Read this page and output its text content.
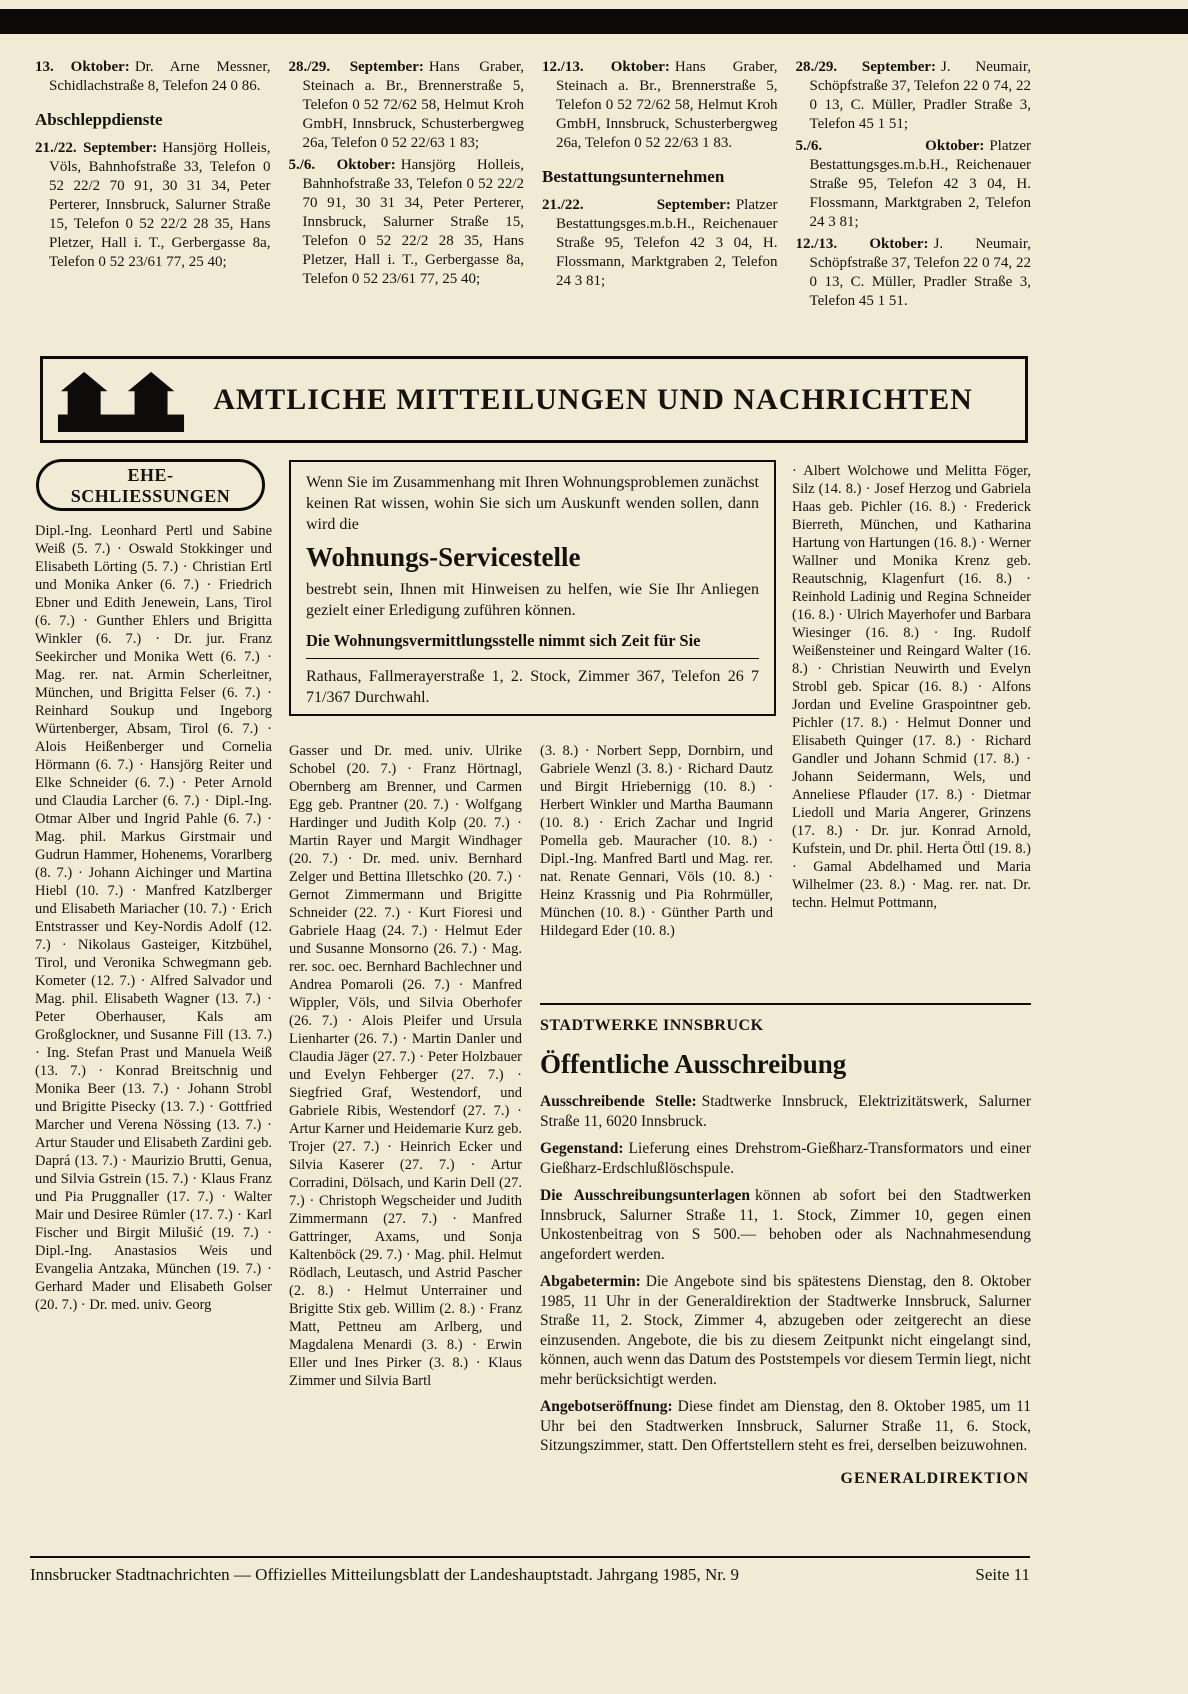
13. Oktober: Dr. Arne Messner, Schidlachstraße 8, Telefon 24 0 86.

Abschleppdienste

21./22. September: Hansjörg Holleis, Völs, Bahnhofstraße 33, Telefon 0 52 22/2 70 91, 30 31 34, Peter Perterer, Innsbruck, Salurner Straße 15, Telefon 0 52 22/2 28 35, Hans Pletzer, Hall i. T., Gerbergasse 8a, Telefon 0 52 23/61 77, 25 40;

28./29. September: Hans Graber, Steinach a. Br., Brennerstraße 5, Telefon 0 52 72/62 58, Helmut Kroh GmbH, Innsbruck, Schusterbergweg 26a, Telefon 0 52 22/63 1 83;

5./6. Oktober: Hansjörg Holleis, Bahnhofstraße 33, Telefon 0 52 22/2 70 91, 30 31 34, Peter Perterer, Innsbruck, Salurner Straße 15, Telefon 0 52 22/2 28 35, Hans Pletzer, Hall i. T., Gerbergasse 8a, Telefon 0 52 23/61 77, 25 40;

12./13. Oktober: Hans Graber, Steinach a. Br., Brennerstraße 5, Telefon 0 52 72/62 58, Helmut Kroh GmbH, Innsbruck, Schusterbergweg 26a, Telefon 0 52 22/63 1 83.

Bestattungsunternehmen

21./22. September: Platzer Bestattungsges.m.b.H., Reichenauer Straße 95, Telefon 42 3 04, H. Flossmann, Marktgraben 2, Telefon 24 3 81;

28./29. September: J. Neumair, Schöpfstraße 37, Telefon 22 0 74, 22 0 13, C. Müller, Pradler Straße 3, Telefon 45 1 51;

5./6. Oktober: Platzer Bestattungsges.m.b.H., Reichenauer Straße 95, Telefon 42 3 04, H. Flossmann, Marktgraben 2, Telefon 24 3 81;

12./13. Oktober: J. Neumair, Schöpfstraße 37, Telefon 22 0 74, 22 0 13, C. Müller, Pradler Straße 3, Telefon 45 1 51.

AMTLICHE MITTEILUNGEN UND NACHRICHTEN
EHE-
SCHLIESSUNGEN
Dipl.-Ing. Leonhard Pertl und Sabine Weiß (5. 7.) · Oswald Stokkinger und Elisabeth Lörting (5. 7.) · Christian Ertl und Monika Anker (6. 7.) · Friedrich Ebner und Edith Jenewein, Lans, Tirol (6. 7.) · Gunther Ehlers und Brigitta Winkler (6. 7.) · Dr. jur. Franz Seekircher und Monika Wett (6. 7.) · Mag. rer. nat. Armin Scherleitner, München, und Brigitta Felser (6. 7.) · Reinhard Soukup und Ingeborg Würtenberger, Absam, Tirol (6. 7.) · Alois Heißenberger und Cornelia Hörmann (6. 7.) · Hansjörg Reiter und Elke Schneider (6. 7.) · Peter Arnold und Claudia Larcher (6. 7.) · Dipl.-Ing. Otmar Alber und Ingrid Pahle (6. 7.) · Mag. phil. Markus Girstmair und Gudrun Hammer, Hohenems, Vorarlberg (8. 7.) · Johann Aichinger und Martina Hiebl (10. 7.) · Manfred Katzlberger und Elisabeth Mariacher (10. 7.) · Erich Entstrasser und Key-Nordis Adolf (12. 7.) · Nikolaus Gasteiger, Kitzbühel, Tirol, und Veronika Schwegmann geb. Kometer (12. 7.) · Alfred Salvador und Mag. phil. Elisabeth Wagner (13. 7.) · Peter Oberhauser, Kals am Großglockner, und Susanne Fill (13. 7.) · Ing. Stefan Prast und Manuela Weiß (13. 7.) · Konrad Breitschnig und Monika Beer (13. 7.) · Johann Strobl und Brigitte Pisecky (13. 7.) · Gottfried Marcher und Verena Nössing (13. 7.) · Artur Stauder und Elisabeth Zardini geb. Daprá (13. 7.) · Maurizio Brutti, Genua, und Silvia Gstrein (15. 7.) · Klaus Franz und Pia Pruggnaller (17. 7.) · Walter Mair und Desiree Rümler (17. 7.) · Karl Fischer und Birgit Milušić (19. 7.) · Dipl.-Ing. Anastasios Weis und Evangelia Antzaka, München (19. 7.) · Gerhard Mader und Elisabeth Golser (20. 7.) · Dr. med. univ. Georg

Wenn Sie im Zusammenhang mit Ihren Wohnungsproblemen zunächst keinen Rat wissen, wohin Sie sich um Auskunft wenden sollen, dann wird die

Wohnungs-Servicestelle

bestrebt sein, Ihnen mit Hinweisen zu helfen, wie Sie Ihr Anliegen gezielt einer Erledigung zuführen können.

Die Wohnungsvermittlungsstelle nimmt sich Zeit für Sie

Rathaus, Fallmerayerstraße 1, 2. Stock, Zimmer 367, Telefon 26 7 71/367 Durchwahl.

Gasser und Dr. med. univ. Ulrike Schobel (20. 7.) · Franz Hörtnagl, Obernberg am Brenner, und Carmen Egg geb. Prantner (20. 7.) · Wolfgang Hardinger und Judith Kolp (20. 7.) · Martin Rayer und Margit Windhager (20. 7.) · Dr. med. univ. Bernhard Zelger und Bettina Illetschko (20. 7.) · Gernot Zimmermann und Brigitte Schneider (22. 7.) · Kurt Fioresi und Gabriele Haag (24. 7.) · Helmut Eder und Susanne Monsorno (26. 7.) · Mag. rer. soc. oec. Bernhard Bachlechner und Andrea Pomaroli (26. 7.) · Manfred Wippler, Völs, und Silvia Oberhofer (26. 7.) · Alois Pleifer und Ursula Lienharter (26. 7.) · Martin Danler und Claudia Jäger (27. 7.) · Peter Holzbauer und Evelyn Fehberger (27. 7.) · Siegfried Graf, Westendorf, und Gabriele Ribis, Westendorf (27. 7.) · Artur Karner und Heidemarie Kurz geb. Trojer (27. 7.) · Heinrich Ecker und Silvia Kaserer (27. 7.) · Artur Corradini, Dölsach, und Karin Dell (27. 7.) · Christoph Wegscheider und Judith Zimmermann (27. 7.) · Manfred Gattringer, Axams, und Sonja Kaltenböck (29. 7.) · Mag. phil. Helmut Rödlach, Leutasch, und Astrid Pascher (2. 8.) · Helmut Unterrainer und Brigitte Stix geb. Willim (2. 8.) · Franz Matt, Pettneu am Arlberg, und Magdalena Menardi (3. 8.) · Erwin Eller und Ines Pirker (3. 8.) · Klaus Zimmer und Silvia Bartl
(3. 8.) · Norbert Sepp, Dornbirn, und Gabriele Wenzl (3. 8.) · Richard Dautz und Birgit Hriebernigg (10. 8.) · Herbert Winkler und Martha Baumann (10. 8.) · Erich Zachar und Ingrid Pomella geb. Mauracher (10. 8.) · Dipl.-Ing. Manfred Bartl und Mag. rer. nat. Renate Gennari, Völs (10. 8.) · Heinz Krassnig und Pia Rohrmüller, München (10. 8.) · Günther Parth und Hildegard Eder (10. 8.)
· Albert Wolchowe und Melitta Föger, Silz (14. 8.) · Josef Herzog und Gabriela Haas geb. Pichler (16. 8.) · Frederick Bierreth, München, und Katharina Hartung von Hartungen (16. 8.) · Werner Wallner und Monika Krenz geb. Reautschnig, Klagenfurt (16. 8.) · Reinhold Ladinig und Regina Schneider (16. 8.) · Ulrich Mayerhofer und Barbara Wiesinger (16. 8.) · Ing. Rudolf Weißensteiner und Reingard Walter (16. 8.) · Christian Neuwirth und Evelyn Strobl geb. Spicar (16. 8.) · Alfons Jordan und Eveline Graspointner geb. Pichler (17. 8.) · Helmut Donner und Elisabeth Quinger (17. 8.) · Richard Gandler und Johann Schmid (17. 8.) · Johann Seidermann, Wels, und Anneliese Pflauder (17. 8.) · Dietmar Liedoll und Maria Angerer, Grinzens (17. 8.) · Dr. jur. Konrad Arnold, Kufstein, und Dr. phil. Herta Öttl (19. 8.) · Gamal Abdelhamed und Maria Wilhelmer (23. 8.) · Mag. rer. nat. Dr. techn. Helmut Pottmann,
STADTWERKE INNSBRUCK
Öffentliche Ausschreibung

Ausschreibende Stelle: Stadtwerke Innsbruck, Elektrizitätswerk, Salurner Straße 11, 6020 Innsbruck.

Gegenstand: Lieferung eines Drehstrom-Gießharz-Transformators und einer Gießharz-Erdschlußlöschspule.

Die Ausschreibungsunterlagen können ab sofort bei den Stadtwerken Innsbruck, Salurner Straße 11, 1. Stock, Zimmer 10, gegen einen Unkostenbeitrag von S 500.— behoben oder als Nachnahmesendung angefordert werden.

Abgabetermin: Die Angebote sind bis spätestens Dienstag, den 8. Oktober 1985, 11 Uhr in der Generaldirektion der Stadtwerke Innsbruck, Salurner Straße 11, 2. Stock, Zimmer 4, abzugeben oder zeitgerecht an diese einzusenden. Angebote, die bis zu diesem Zeitpunkt nicht eingelangt sind, können, auch wenn das Datum des Poststempels vor diesem Termin liegt, nicht mehr berücksichtigt werden.

Angebotseröffnung: Diese findet am Dienstag, den 8. Oktober 1985, um 11 Uhr bei den Stadtwerken Innsbruck, Salurner Straße 11, 6. Stock, Sitzungszimmer, statt. Den Offertstellern steht es frei, derselben beizuwohnen.

GENERALDIREKTION

Innsbrucker Stadtnachrichten — Offizielles Mitteilungsblatt der Landeshauptstadt. Jahrgang 1985, Nr. 9	Seite 11
